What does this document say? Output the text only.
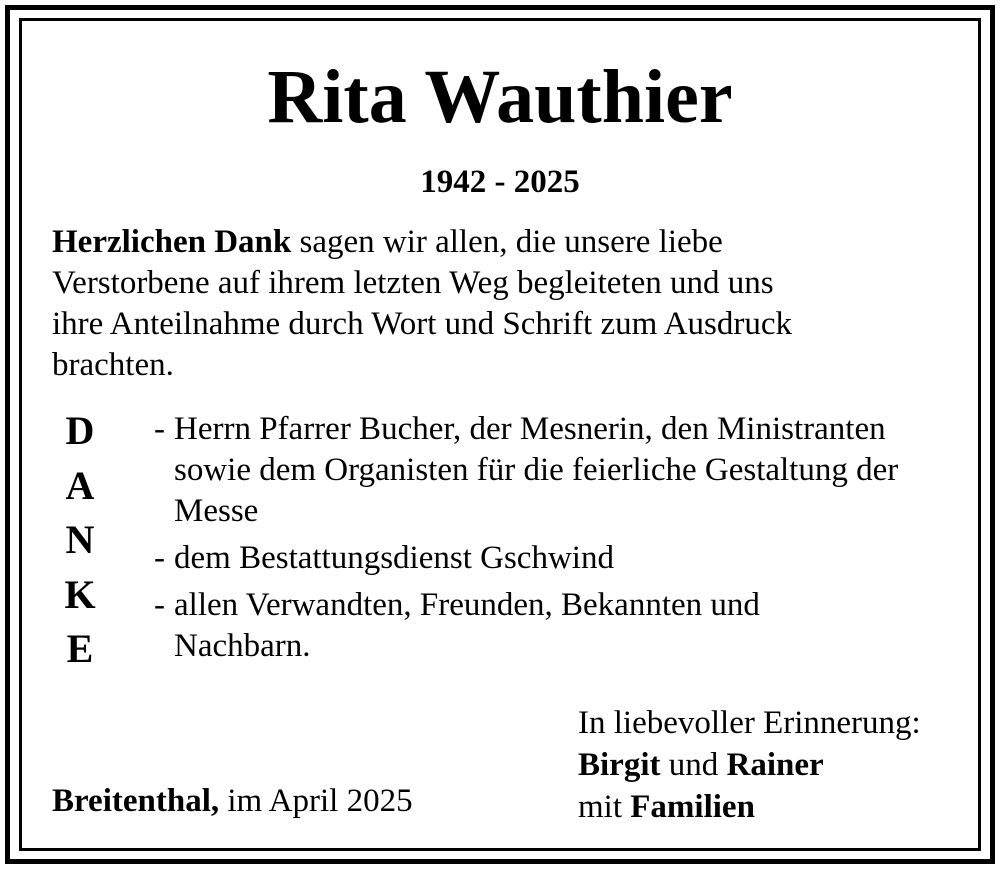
Rita Wauthier
1942 - 2025

Herzlichen Dank sagen wir allen, die unsere liebe

Verstorbene auf ihrem letzten Weg begleiteten und uns

ihre Anteilnahme durch Wort und Schrift zum Ausdruck

brachten.

D
A
N
K
E
- Herrn Pfarrer Bucher, der Mesnerin, den Ministranten
sowie dem Organisten für die feierliche Gestaltung der
Messe
- dem Bestattungsdienst Gschwind
- allen Verwandten, Freunden, Bekannten und
Nachbarn.

In liebevoller Erinnerung:

Birgit und Rainer

mit Familien

Breitenthal, im April 2025
